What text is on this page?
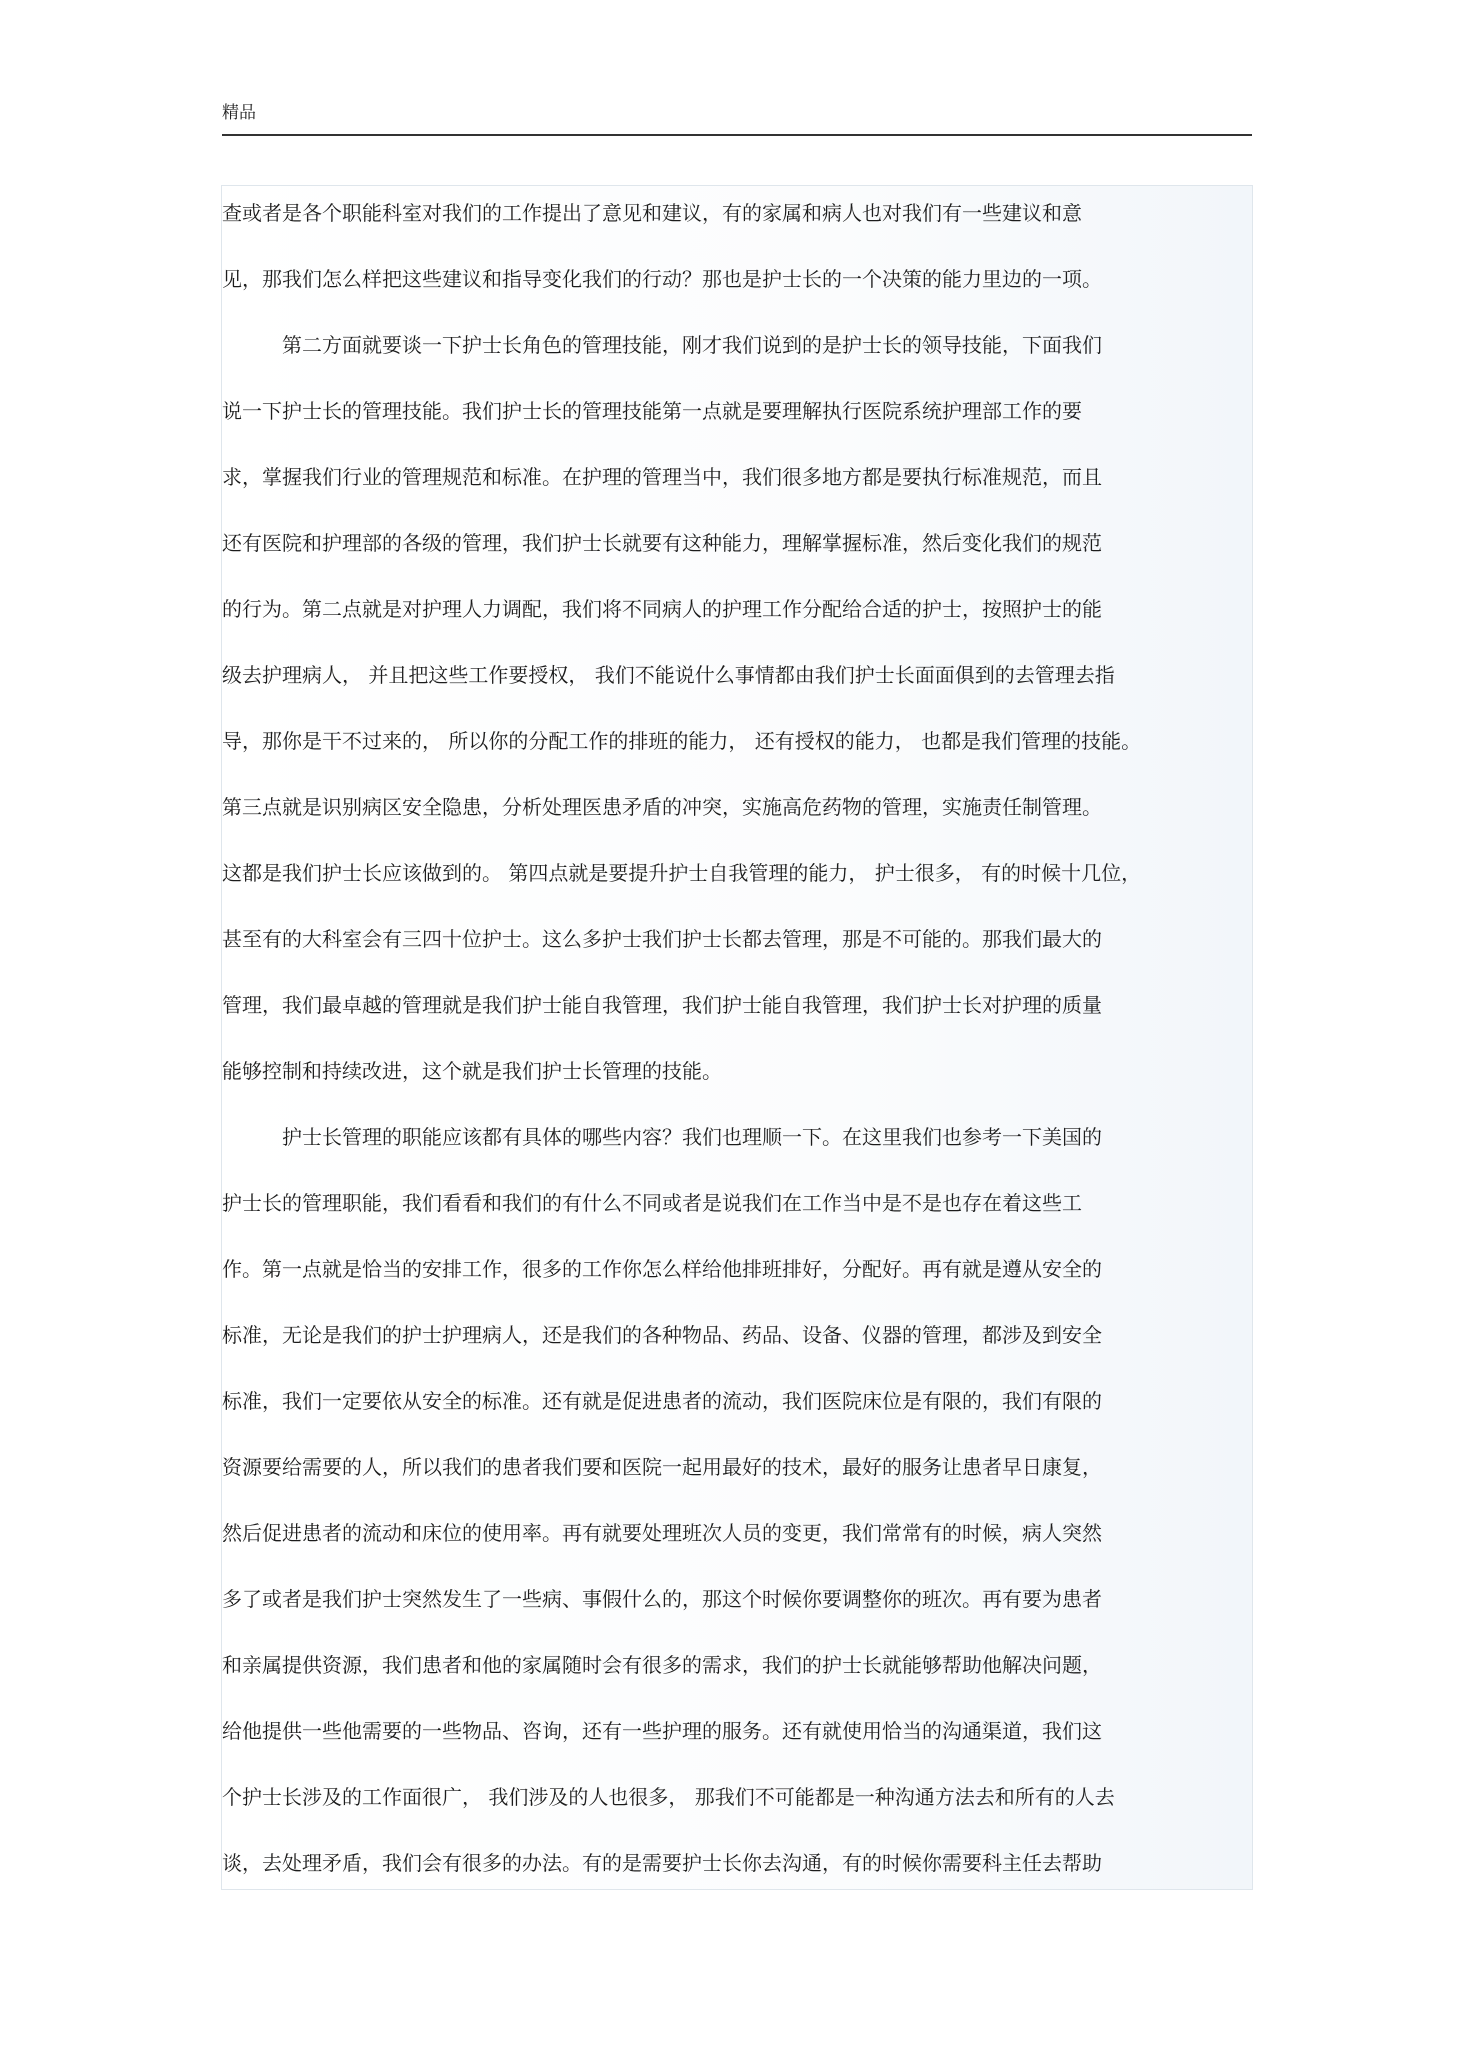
精品
查或者是各个职能科室对我们的工作提出了意见和建议，有的家属和病人也对我们有一些建议和意
见，那我们怎么样把这些建议和指导变化我们的行动？那也是护士长的一个决策的能力里边的一项。
第二方面就要谈一下护士长角色的管理技能，刚才我们说到的是护士长的领导技能，下面我们
说一下护士长的管理技能。我们护士长的管理技能第一点就是要理解执行医院系统护理部工作的要
求，掌握我们行业的管理规范和标准。在护理的管理当中，我们很多地方都是要执行标准规范，而且
还有医院和护理部的各级的管理，我们护士长就要有这种能力，理解掌握标准，然后变化我们的规范
的行为。第二点就是对护理人力调配，我们将不同病人的护理工作分配给合适的护士，按照护士的能
级去护理病人， 并且把这些工作要授权， 我们不能说什么事情都由我们护士长面面俱到的去管理去指
导，那你是干不过来的， 所以你的分配工作的排班的能力， 还有授权的能力， 也都是我们管理的技能。
第三点就是识别病区安全隐患，分析处理医患矛盾的冲突，实施高危药物的管理，实施责任制管理。
这都是我们护士长应该做到的。 第四点就是要提升护士自我管理的能力， 护士很多， 有的时候十几位，
甚至有的大科室会有三四十位护士。这么多护士我们护士长都去管理，那是不可能的。那我们最大的
管理，我们最卓越的管理就是我们护士能自我管理，我们护士能自我管理，我们护士长对护理的质量
能够控制和持续改进，这个就是我们护士长管理的技能。
护士长管理的职能应该都有具体的哪些内容？我们也理顺一下。在这里我们也参考一下美国的
护士长的管理职能，我们看看和我们的有什么不同或者是说我们在工作当中是不是也存在着这些工
作。第一点就是恰当的安排工作，很多的工作你怎么样给他排班排好，分配好。再有就是遵从安全的
标准，无论是我们的护士护理病人，还是我们的各种物品、药品、设备、仪器的管理，都涉及到安全
标准，我们一定要依从安全的标准。还有就是促进患者的流动，我们医院床位是有限的，我们有限的
资源要给需要的人，所以我们的患者我们要和医院一起用最好的技术，最好的服务让患者早日康复，
然后促进患者的流动和床位的使用率。再有就要处理班次人员的变更，我们常常有的时候，病人突然
多了或者是我们护士突然发生了一些病、事假什么的，那这个时候你要调整你的班次。再有要为患者
和亲属提供资源，我们患者和他的家属随时会有很多的需求，我们的护士长就能够帮助他解决问题，
给他提供一些他需要的一些物品、咨询，还有一些护理的服务。还有就使用恰当的沟通渠道，我们这
个护士长涉及的工作面很广， 我们涉及的人也很多， 那我们不可能都是一种沟通方法去和所有的人去
谈，去处理矛盾，我们会有很多的办法。有的是需要护士长你去沟通，有的时候你需要科主任去帮助
